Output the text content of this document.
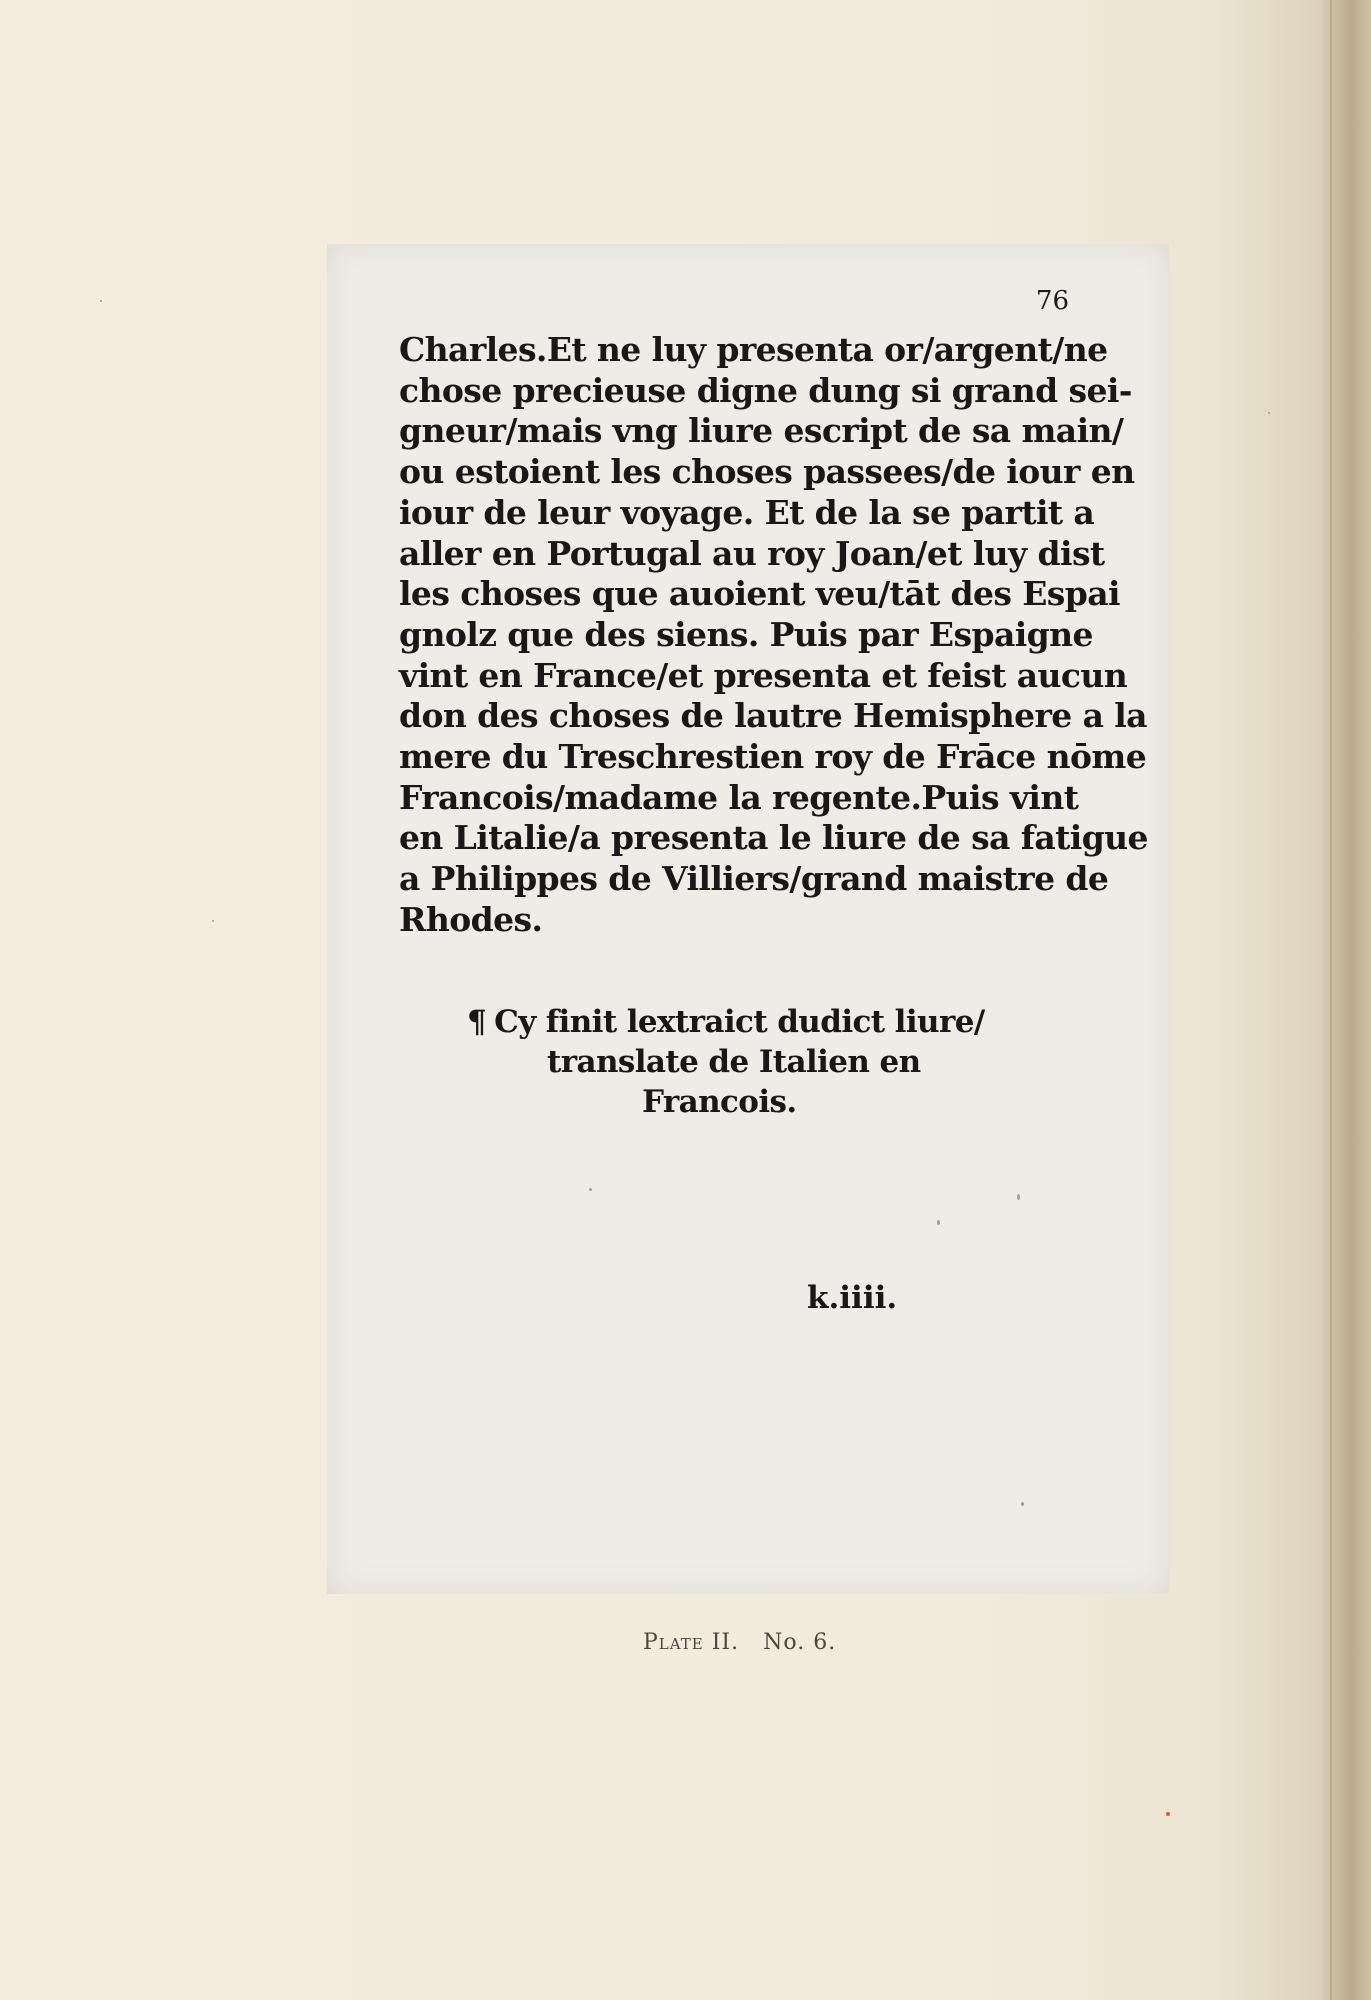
76
Charles.Et ne luy presenta or/argent/ne
chose precieuse digne dung si grand sei-
gneur/mais vng liure escript de sa main/
ou estoient les choses passees/de iour en
iour de leur voyage. Et de la se partit a
aller en Portugal au roy Joan/et luy dist
les choses que auoient veu/tāt des Espai
gnolz que des siens. Puis par Espaigne
vint en France/et presenta et feist aucun
don des choses de lautre Hemisphere a la
mere du Treschrestien roy de Frāce nōme
Francois/madame la regente.Puis vint
en Litalie/a presenta le liure de sa fatigue
a Philippes de Villiers/grand maistre de
Rhodes.
¶ Cy finit lextraict dudict liure/
translate de Italien en
Francois.
k.iiii.
Plate II. No. 6.
